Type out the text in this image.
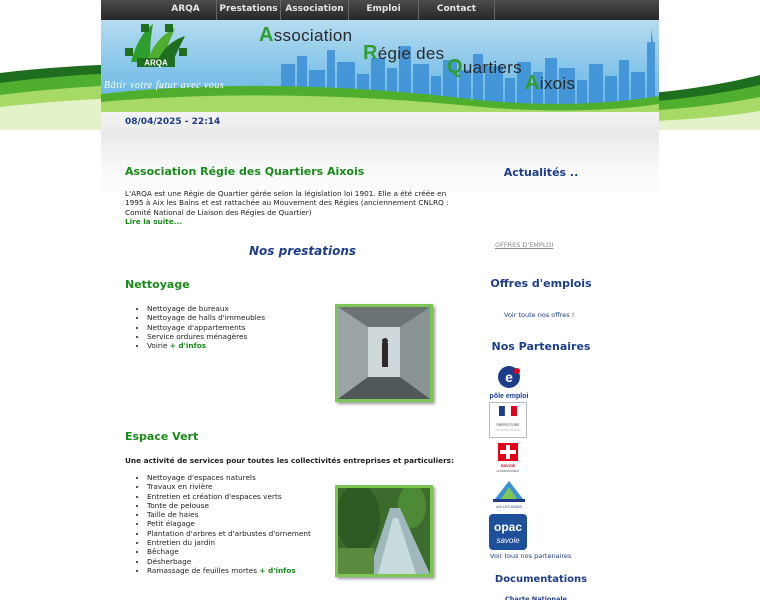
ARQA	Prestations Association	Emploi	Contact
ARQA
Bâtir votre futur avec vous
Association
Régie des
Quartiers
Aixois
08/04/2025 - 22:14
Association Régie des Quartiers Aixois
L'ARQA est une Régie de Quartier gérée selon la législation loi 1901. Elle a été créée en 1995 à Aix les Bains et est rattachée au Mouvement des Régies (anciennement CNLRQ : Comité National de Liaison des Régies de Quartier)
Lire la suite...
Nos prestations
Nettoyage
• Nettoyage de bureaux
• Nettoyage de halls d'immeubles
• Nettoyage d'appartements
• Service ordures ménagères
• Voirie + d'infos
Espace Vert
Une activité de services pour toutes les collectivités entreprises et particuliers:
• Nettoyage d'espaces naturels
• Travaux en rivière
• Entretien et création d'espaces verts
• Tonte de pelouse
• Taille de haies
• Petit élagage
• Plantation d'arbres et d'arbustes d'ornement
• Entretien du jardin
• Bêchage
• Désherbage
• Ramassage de feuilles mortes + d'infos
Actualités ..
OFFRES D'EMPLOI
Offres d'emplois
Voir toute nos offres !
Nos Partenaires
e
pôle emploi
PRÉFECTURE
SAVOIE
LE DÉPARTEMENT
AIX-LES-BAINS
opac
savoie
Voir tous nos partenaires
Documentations
Charte Nationale
